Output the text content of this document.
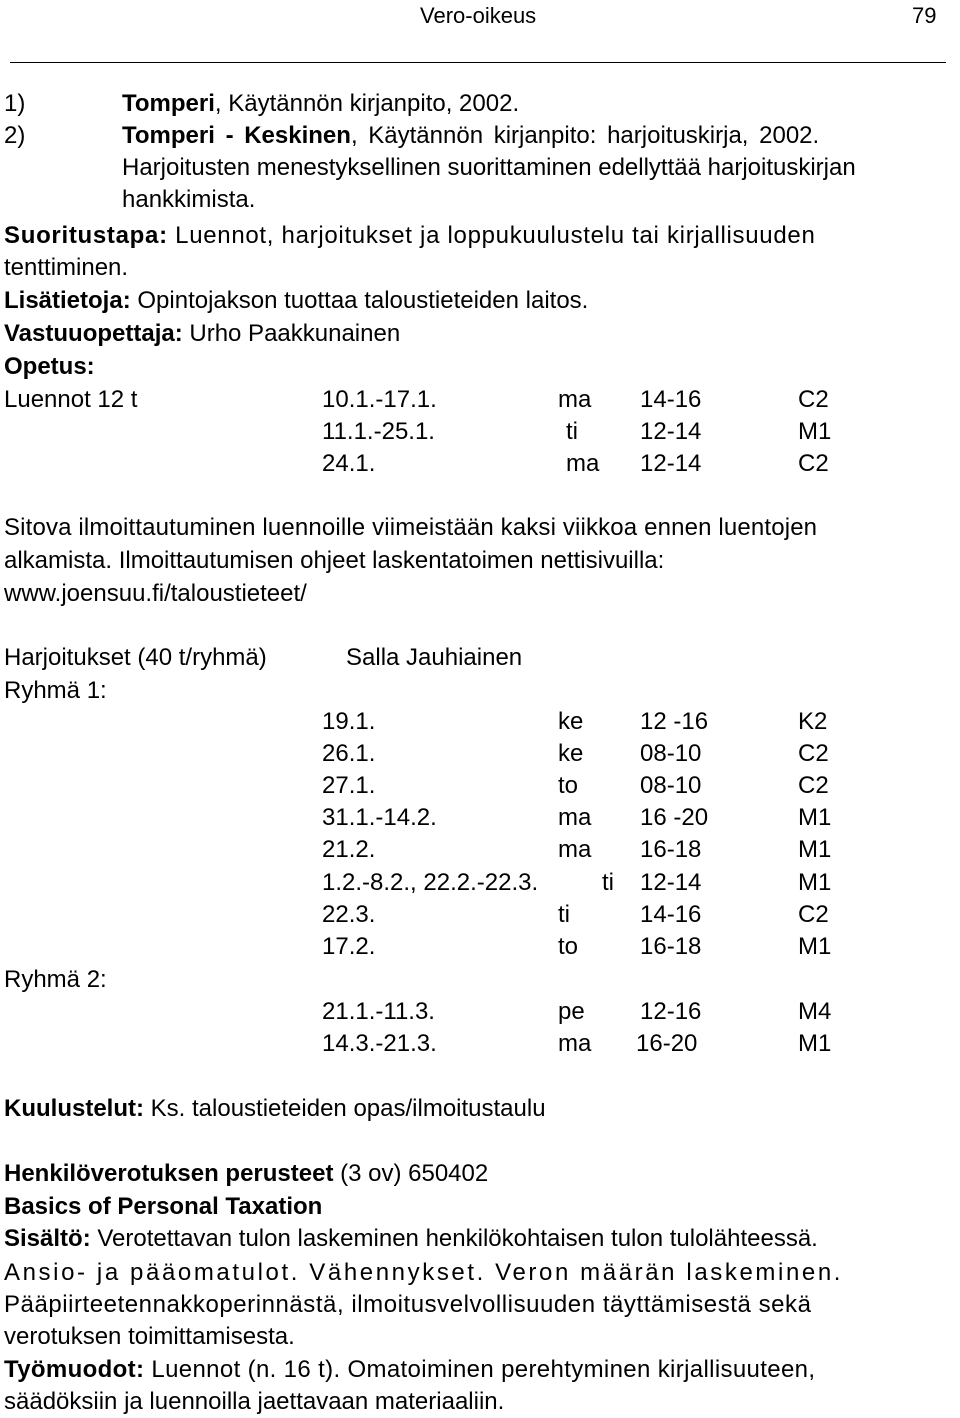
Vero-oikeus	79
1)	Tomperi, Käytännön kirjanpito, 2002.
2)	Tomperi - Keskinen, Käytännön kirjanpito: harjoituskirja, 2002.
Harjoitusten menestyksellinen suorittaminen edellyttää harjoituskirjan
hankkimista.
Suoritustapa: Luennot, harjoitukset ja loppukuulustelu tai kirjallisuuden
tenttiminen.
Lisätietoja: Opintojakson tuottaa taloustieteiden laitos.
Vastuuopettaja: Urho Paakkunainen
Opetus:
Luennot 12 t	10.1.-17.1.	ma 14-16	C2
11.1.-25.1.	ti	12-14	M1
24.1.	ma 12-14	C2
Sitova ilmoittautuminen luennoille viimeistään kaksi viikkoa ennen luentojen
alkamista. Ilmoittautumisen ohjeet laskentatoimen nettisivuilla:
www.joensuu.fi/taloustieteet/
Harjoitukset (40 t/ryhmä)	Salla Jauhiainen
Ryhmä 1:
19.1.	ke 12 -16	K2
26.1.	ke 08-10	C2
27.1.	to	08-10	C2
31.1.-14.2.	ma 16 -20	M1
21.2.	ma 16-18	M1
1.2.-8.2., 22.2.-22.3.	ti 12-14	M1
22.3.	ti	14-16	C2
17.2.	to	16-18	M1
Ryhmä 2:
21.1.-11.3.	pe 12-16	M4
14.3.-21.3.	ma 16-20	M1
Kuulustelut: Ks. taloustieteiden opas/ilmoitustaulu
Henkilöverotuksen perusteet (3 ov) 650402
Basics of Personal Taxation
Sisältö: Verotettavan tulon laskeminen henkilökohtaisen tulon tulolähteessä.
Ansio- ja pääomatulot. Vähennykset. Veron määrän laskeminen.
Pääpiirteetennakkoperinnästä, ilmoitusvelvollisuuden täyttämisestä sekä
verotuksen toimittamisesta.
Työmuodot: Luennot (n. 16 t). Omatoiminen perehtyminen kirjallisuuteen,
säädöksiin ja luennoilla jaettavaan materiaaliin.
